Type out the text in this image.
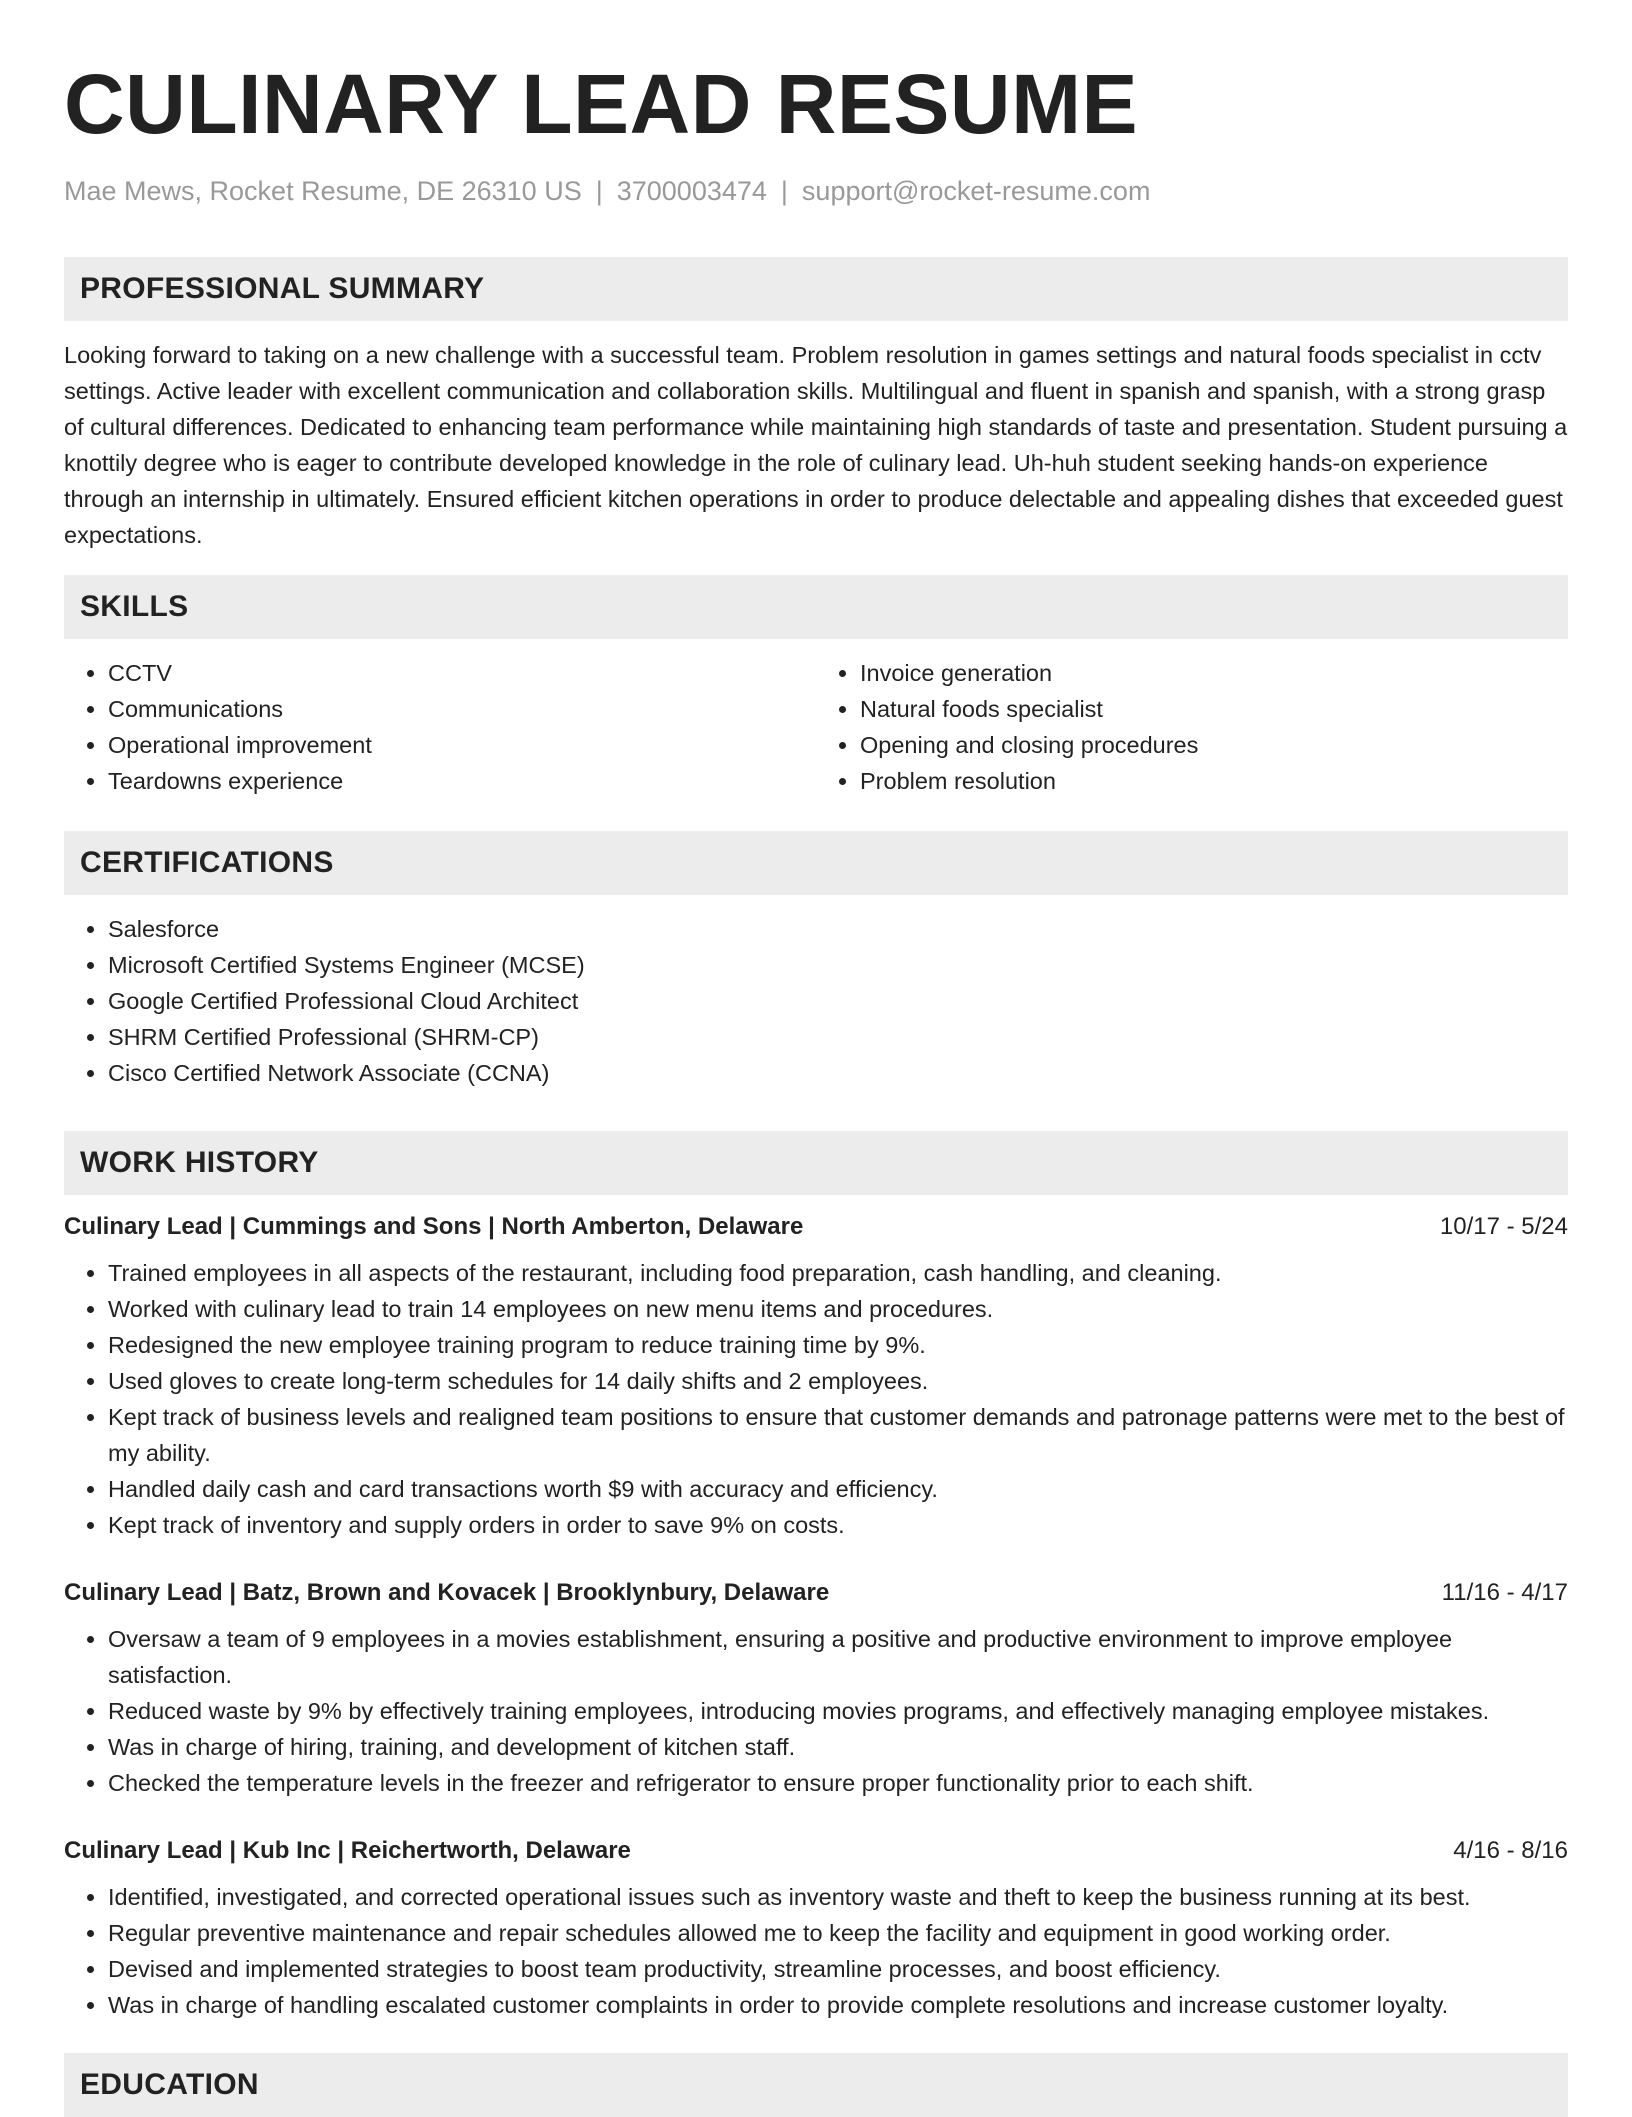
CULINARY LEAD RESUME
Mae Mews, Rocket Resume, DE 26310 US | 3700003474 | support@rocket-resume.com
PROFESSIONAL SUMMARY

Looking forward to taking on a new challenge with a successful team. Problem resolution in games settings and natural foods specialist in cctv settings. Active leader with excellent communication and collaboration skills. Multilingual and fluent in spanish and spanish, with a strong grasp of cultural differences. Dedicated to enhancing team performance while maintaining high standards of taste and presentation. Student pursuing a knottily degree who is eager to contribute developed knowledge in the role of culinary lead. Uh-huh student seeking hands-on experience through an internship in ultimately. Ensured efficient kitchen operations in order to produce delectable and appealing dishes that exceeded guest expectations.

SKILLS
• CCTV
• Communications
• Operational improvement
• Teardowns experience
• Invoice generation
• Natural foods specialist
• Opening and closing procedures
• Problem resolution
CERTIFICATIONS
• Salesforce
• Microsoft Certified Systems Engineer (MCSE)
• Google Certified Professional Cloud Architect
• SHRM Certified Professional (SHRM-CP)
• Cisco Certified Network Associate (CCNA)
WORK HISTORY
Culinary Lead | Cummings and Sons | North Amberton, Delaware	10/17 - 5/24
• Trained employees in all aspects of the restaurant, including food preparation, cash handling, and cleaning.
• Worked with culinary lead to train 14 employees on new menu items and procedures.
• Redesigned the new employee training program to reduce training time by 9%.
• Used gloves to create long-term schedules for 14 daily shifts and 2 employees.
• Kept track of business levels and realigned team positions to ensure that customer demands and patronage patterns were met to the best of my ability.
• Handled daily cash and card transactions worth $9 with accuracy and efficiency.
• Kept track of inventory and supply orders in order to save 9% on costs.
Culinary Lead | Batz, Brown and Kovacek | Brooklynbury, Delaware	11/16 - 4/17
• Oversaw a team of 9 employees in a movies establishment, ensuring a positive and productive environment to improve employee satisfaction.
• Reduced waste by 9% by effectively training employees, introducing movies programs, and effectively managing employee mistakes.
• Was in charge of hiring, training, and development of kitchen staff.
• Checked the temperature levels in the freezer and refrigerator to ensure proper functionality prior to each shift.
Culinary Lead | Kub Inc | Reichertworth, Delaware	4/16 - 8/16
• Identified, investigated, and corrected operational issues such as inventory waste and theft to keep the business running at its best.
• Regular preventive maintenance and repair schedules allowed me to keep the facility and equipment in good working order.
• Devised and implemented strategies to boost team productivity, streamline processes, and boost efficiency.
• Was in charge of handling escalated customer complaints in order to provide complete resolutions and increase customer loyalty.
EDUCATION
